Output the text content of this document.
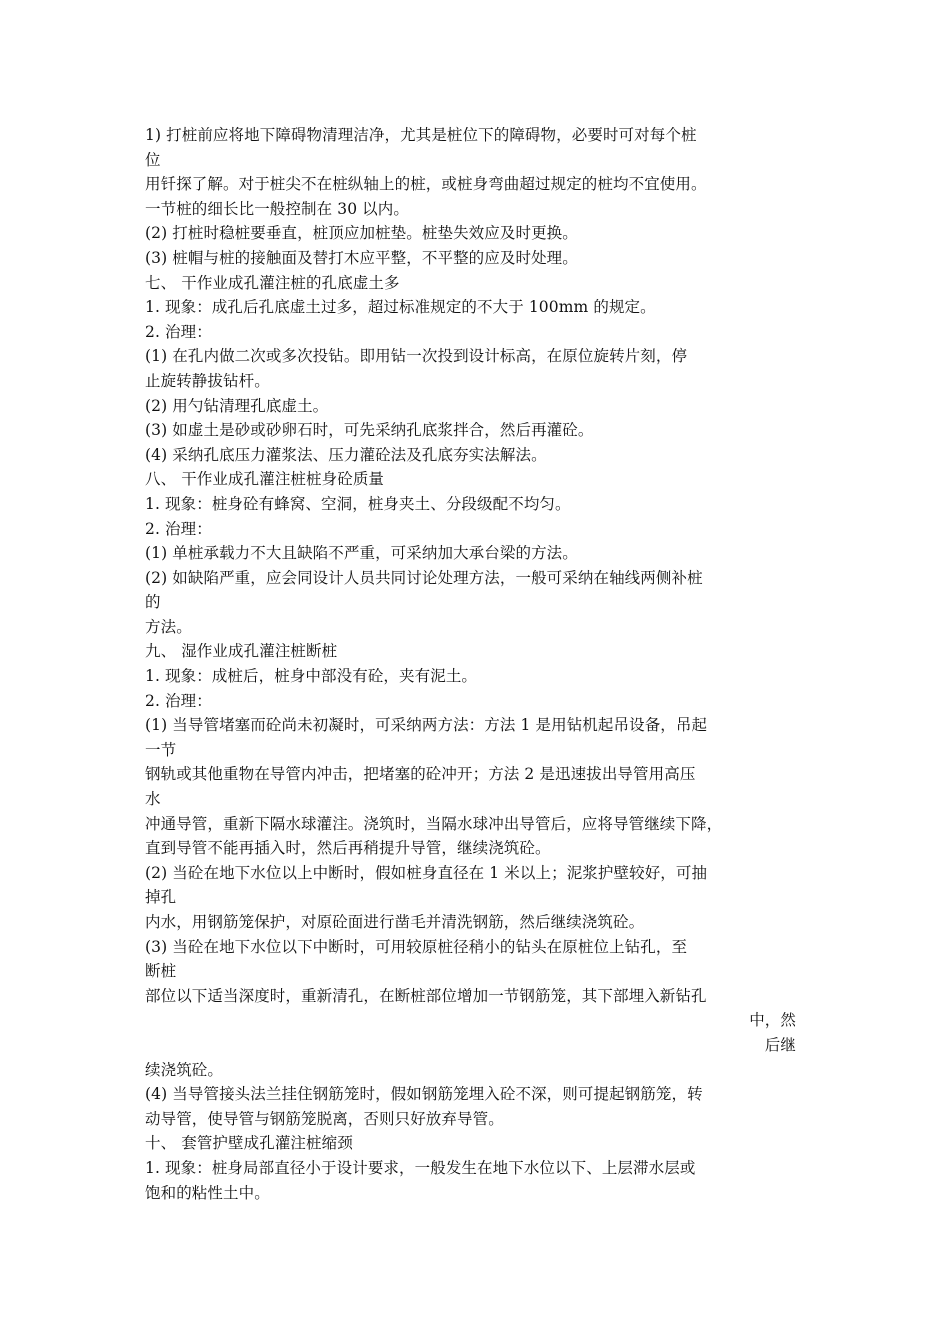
1) 打桩前应将地下障碍物清理洁净，尤其是桩位下的障碍物，必要时可对每个桩
位
用钎探了解。对于桩尖不在桩纵轴上的桩，或桩身弯曲超过规定的桩均不宜使用。
一节桩的细长比一般控制在 30 以内。
(2) 打桩时稳桩要垂直，桩顶应加桩垫。桩垫失效应及时更换。
(3) 桩帽与桩的接触面及替打木应平整，不平整的应及时处理。
七、 干作业成孔灌注桩的孔底虚土多
1. 现象：成孔后孔底虚土过多，超过标准规定的不大于 100mm 的规定。
2. 治理：
(1) 在孔内做二次或多次投钻。即用钻一次投到设计标高，在原位旋转片刻，停
止旋转静拔钻杆。
(2) 用勺钻清理孔底虚土。
(3) 如虚土是砂或砂卵石时，可先采纳孔底浆拌合，然后再灌砼。
(4) 采纳孔底压力灌浆法、压力灌砼法及孔底夯实法解法。
八、 干作业成孔灌注桩桩身砼质量
1. 现象：桩身砼有蜂窝、空洞，桩身夹土、分段级配不均匀。
2. 治理：
(1) 单桩承载力不大且缺陷不严重，可采纳加大承台梁的方法。
(2) 如缺陷严重，应会同设计人员共同讨论处理方法，一般可采纳在轴线两侧补桩
的
方法。
九、 湿作业成孔灌注桩断桩
1. 现象：成桩后，桩身中部没有砼，夹有泥土。
2. 治理：
(1) 当导管堵塞而砼尚未初凝时，可采纳两方法：方法 1 是用钻机起吊设备，吊起
一节
钢轨或其他重物在导管内冲击，把堵塞的砼冲开；方法 2 是迅速拔出导管用高压
水
冲通导管，重新下隔水球灌注。浇筑时，当隔水球冲出导管后，应将导管继续下降，
直到导管不能再插入时，然后再稍提升导管，继续浇筑砼。
(2) 当砼在地下水位以上中断时，假如桩身直径在 1 米以上；泥浆护壁较好，可抽
掉孔
内水，用钢筋笼保护，对原砼面进行凿毛并清洗钢筋，然后继续浇筑砼。
(3) 当砼在地下水位以下中断时，可用较原桩径稍小的钻头在原桩位上钻孔，至
断桩
部位以下适当深度时，重新清孔，在断桩部位增加一节钢筋笼，其下部埋入新钻孔
中，然
后继
续浇筑砼。
(4) 当导管接头法兰挂住钢筋笼时，假如钢筋笼埋入砼不深，则可提起钢筋笼，转
动导管，使导管与钢筋笼脱离，否则只好放弃导管。
十、 套管护壁成孔灌注桩缩颈
1. 现象：桩身局部直径小于设计要求，一般发生在地下水位以下、上层滞水层或
饱和的粘性土中。
